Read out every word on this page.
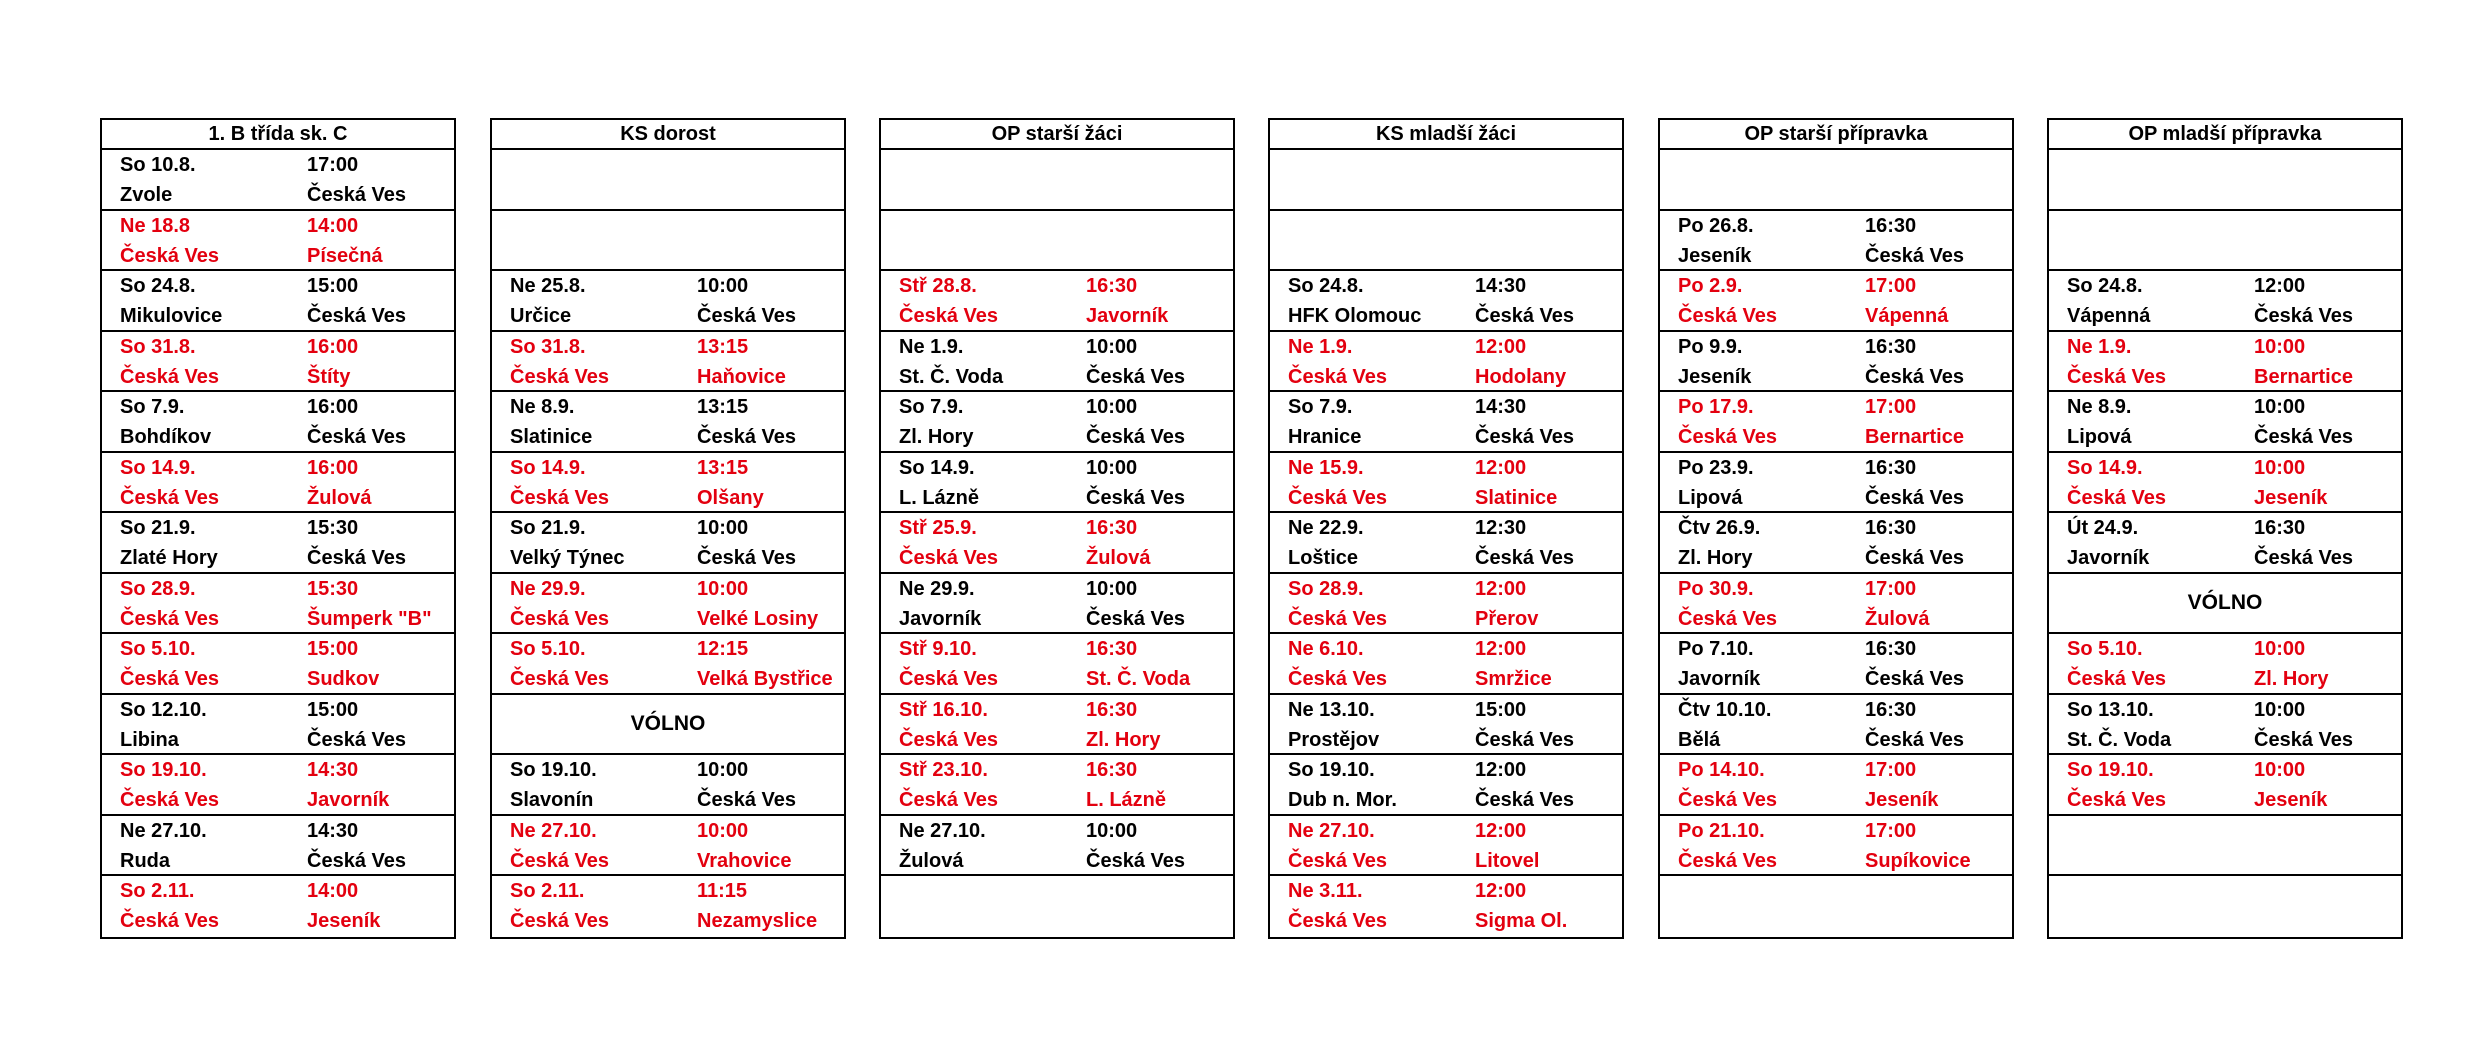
1. B třída sk. C
So 10.8.	17:00
Zvole	Česká Ves
Ne 18.8	14:00
Česká Ves	Písečná
So 24.8.	15:00
Mikulovice	Česká Ves
So 31.8.	16:00
Česká Ves	Štíty
So 7.9.	16:00
Bohdíkov	Česká Ves
So 14.9.	16:00
Česká Ves	Žulová
So 21.9.	15:30
Zlaté Hory	Česká Ves
So 28.9.	15:30
Česká Ves	Šumperk "B"
So 5.10.	15:00
Česká Ves	Sudkov
So 12.10.	15:00
Libina	Česká Ves
So 19.10.	14:30
Česká Ves	Javorník
Ne 27.10.	14:30
Ruda	Česká Ves
So 2.11.	14:00
Česká Ves	Jeseník
KS dorost
Ne 25.8.	10:00
Určice	Česká Ves
So 31.8.	13:15
Česká Ves	Haňovice
Ne 8.9.	13:15
Slatinice	Česká Ves
So 14.9.	13:15
Česká Ves	Olšany
So 21.9.	10:00
Velký Týnec	Česká Ves
Ne 29.9.	10:00
Česká Ves	Velké Losiny
So 5.10.	12:15
Česká Ves	Velká Bystřice
VÓLNO
So 19.10.	10:00
Slavonín	Česká Ves
Ne 27.10.	10:00
Česká Ves	Vrahovice
So 2.11.	11:15
Česká Ves	Nezamyslice
OP starší žáci
Stř 28.8.	16:30
Česká Ves	Javorník
Ne 1.9.	10:00
St. Č. Voda	Česká Ves
So 7.9.	10:00
Zl. Hory	Česká Ves
So 14.9.	10:00
L. Lázně	Česká Ves
Stř 25.9.	16:30
Česká Ves	Žulová
Ne 29.9.	10:00
Javorník	Česká Ves
Stř 9.10.	16:30
Česká Ves	St. Č. Voda
Stř 16.10.	16:30
Česká Ves	Zl. Hory
Stř 23.10.	16:30
Česká Ves	L. Lázně
Ne 27.10.	10:00
Žulová	Česká Ves
KS mladší žáci
So 24.8.	14:30
HFK Olomouc	Česká Ves
Ne 1.9.	12:00
Česká Ves	Hodolany
So 7.9.	14:30
Hranice	Česká Ves
Ne 15.9.	12:00
Česká Ves	Slatinice
Ne 22.9.	12:30
Loštice	Česká Ves
So 28.9.	12:00
Česká Ves	Přerov
Ne 6.10.	12:00
Česká Ves	Smržice
Ne 13.10.	15:00
Prostějov	Česká Ves
So 19.10.	12:00
Dub n. Mor.	Česká Ves
Ne 27.10.	12:00
Česká Ves	Litovel
Ne 3.11.	12:00
Česká Ves	Sigma Ol.
OP starší přípravka
Po 26.8.	16:30
Jeseník	Česká Ves
Po 2.9.	17:00
Česká Ves	Vápenná
Po 9.9.	16:30
Jeseník	Česká Ves
Po 17.9.	17:00
Česká Ves	Bernartice
Po 23.9.	16:30
Lipová	Česká Ves
Čtv 26.9.	16:30
Zl. Hory	Česká Ves
Po 30.9.	17:00
Česká Ves	Žulová
Po 7.10.	16:30
Javorník	Česká Ves
Čtv 10.10.	16:30
Bělá	Česká Ves
Po 14.10.	17:00
Česká Ves	Jeseník
Po 21.10.	17:00
Česká Ves	Supíkovice
OP mladší přípravka
So 24.8.	12:00
Vápenná	Česká Ves
Ne 1.9.	10:00
Česká Ves	Bernartice
Ne 8.9.	10:00
Lipová	Česká Ves
So 14.9.	10:00
Česká Ves	Jeseník
Út 24.9.	16:30
Javorník	Česká Ves
VÓLNO
So 5.10.	10:00
Česká Ves	Zl. Hory
So 13.10.	10:00
St. Č. Voda	Česká Ves
So 19.10.	10:00
Česká Ves	Jeseník
